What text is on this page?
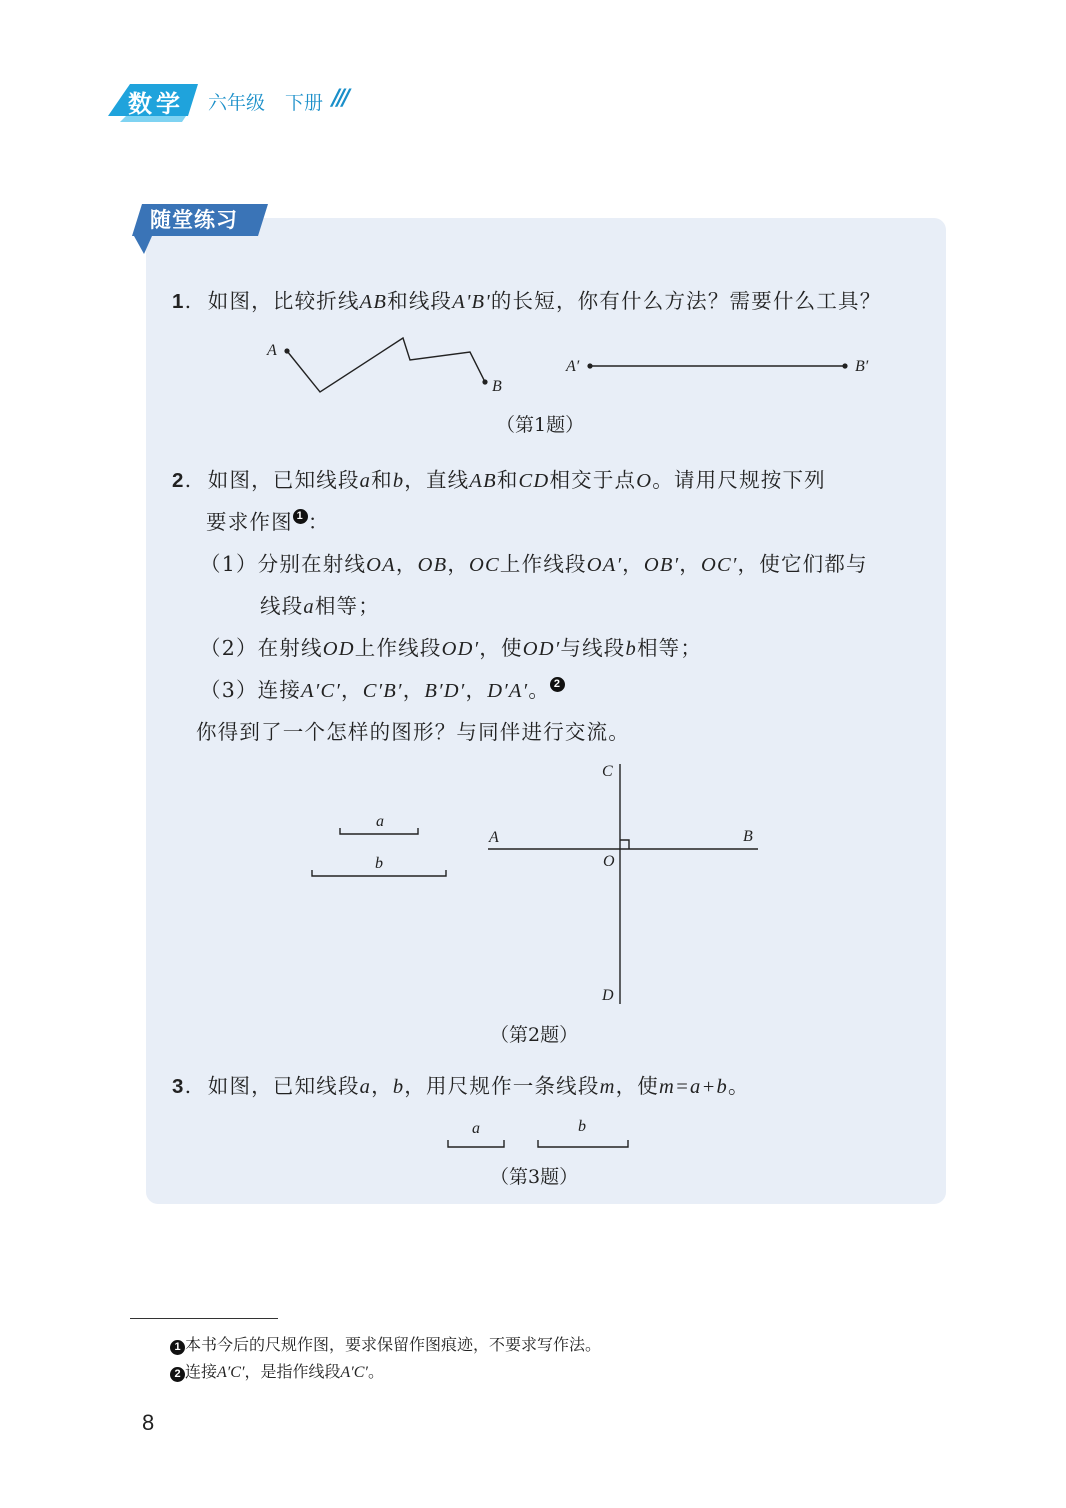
数学 六年级 下册 ///
随堂练习
1. 如图，比较折线AB和线段A'B'的长短，你有什么方法？需要什么工具？
A
B
A′	B′
（第1题）
2. 如图，已知线段a和b，直线AB和CD相交于点O。请用尺规按下列
要求作图 1 ：
（1）分别在射线OA，OB，OC上作线段OA′，OB′，OC′，使它们都与
线段a相等；
（2）在射线OD上作线段OD′，使OD′与线段b相等；
（3）连接A′C′，C′B′，B′D′，D′A′。 2
你得到了一个怎样的图形？与同伴进行交流。
a
b
A	B
C
D
O
（第2题）
3. 如图，已知线段a，b，用尺规作一条线段m，使m=a+b。
a	b
（第3题）
1 本书今后的尺规作图，要求保留作图痕迹，不要求写作法。
2 连接A′C′，是指作线段A′C′。
8
